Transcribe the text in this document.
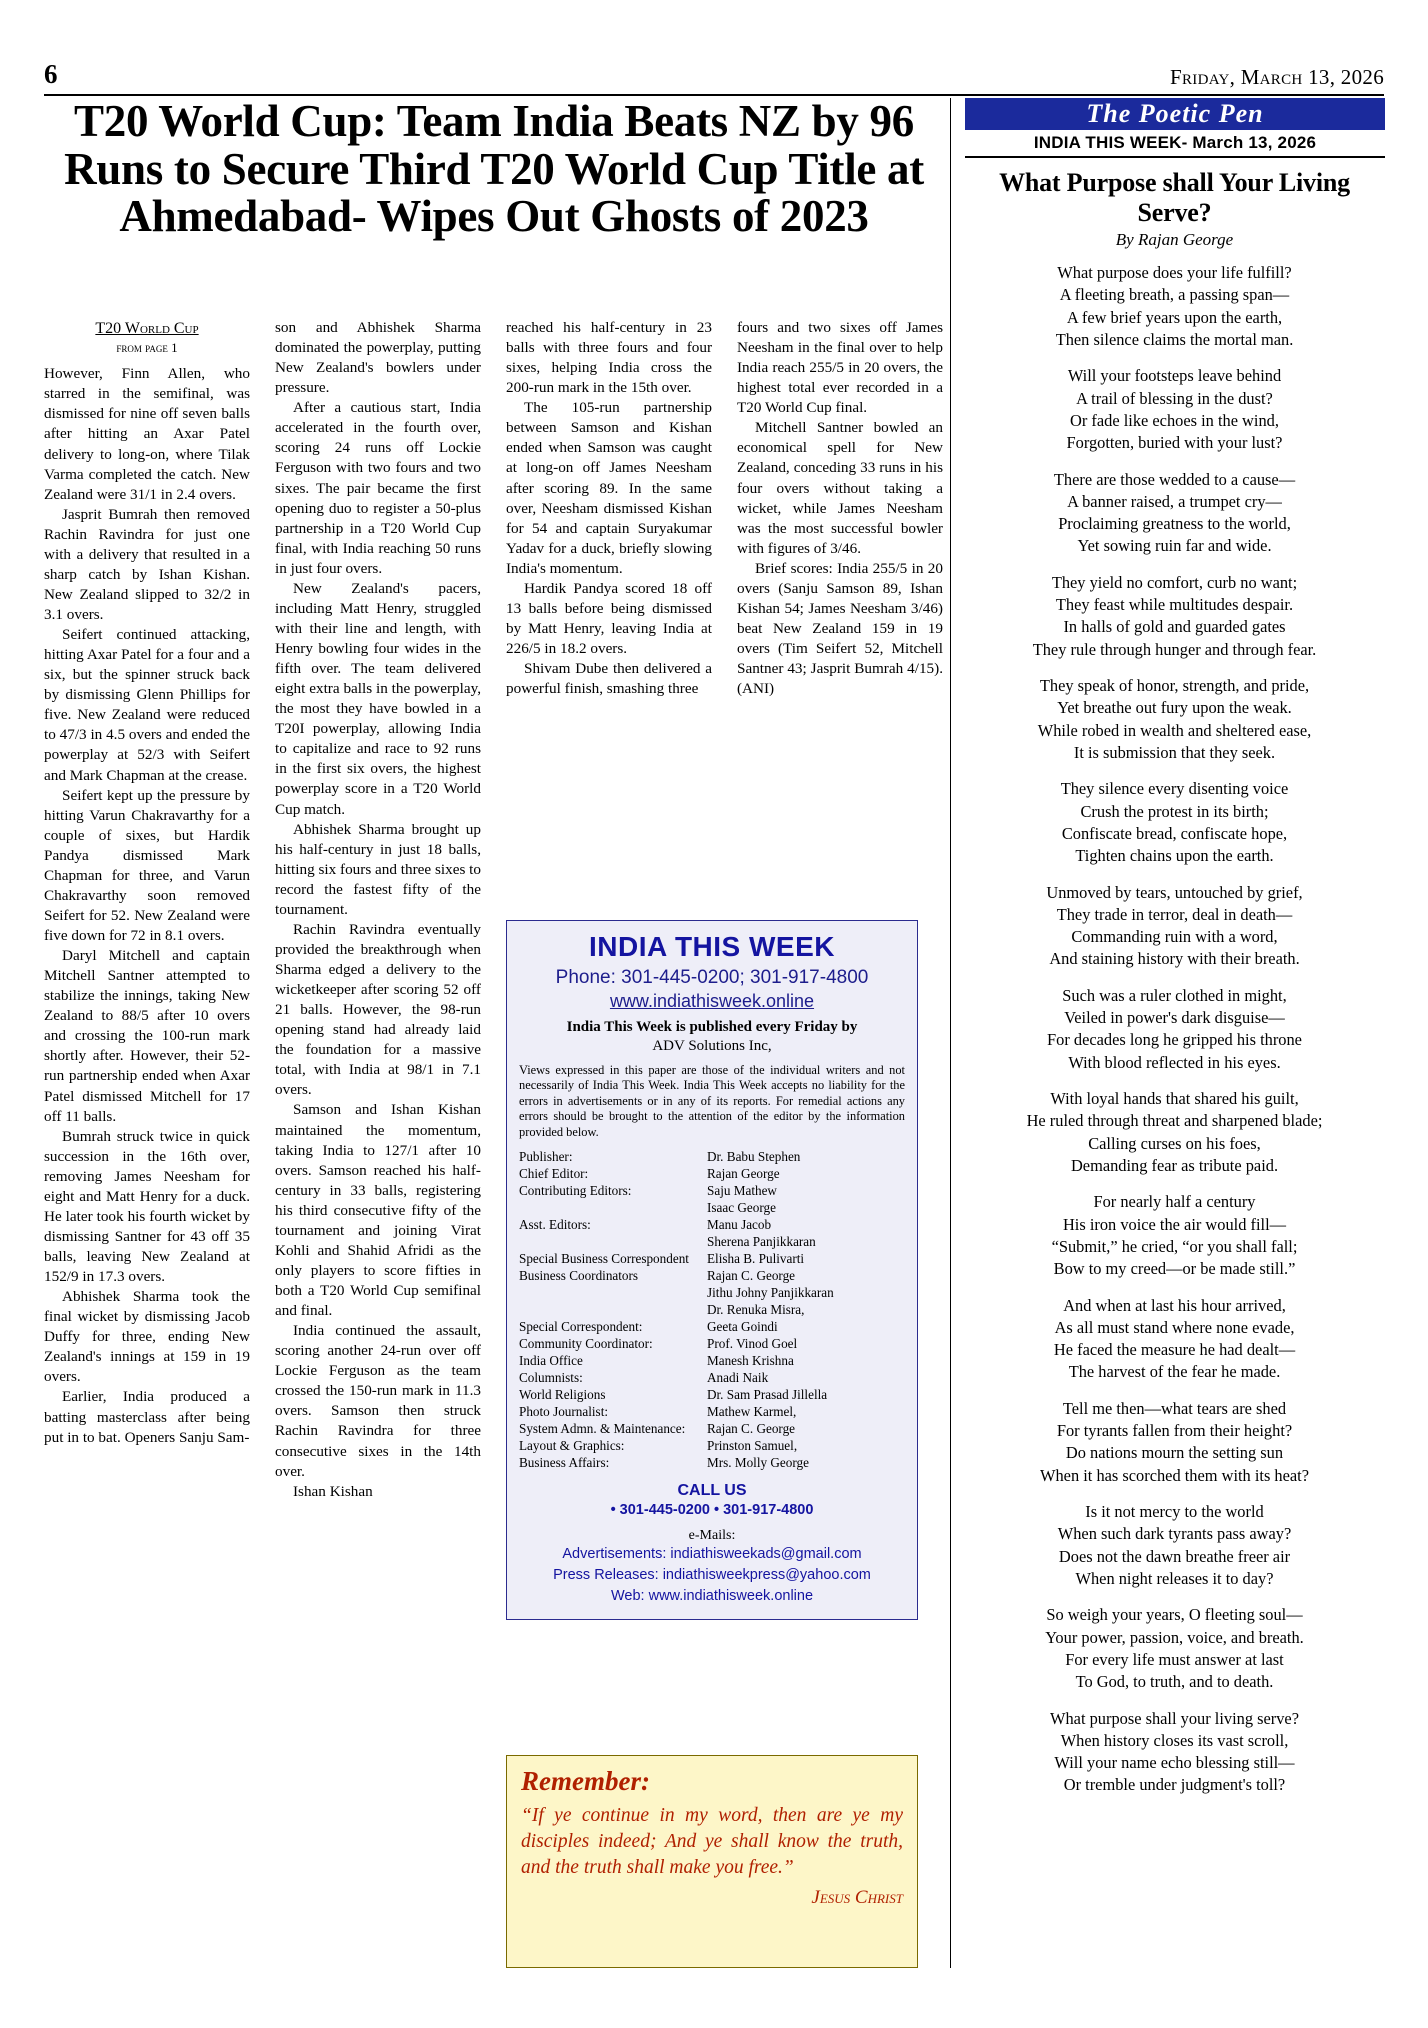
6	Friday, March 13, 2026
T20 World Cup: Team India Beats NZ by 96 Runs to Secure Third T20 World Cup Title at Ahmedabad- Wipes Out Ghosts of 2023
T20 World Cup
from page 1

However, Finn Allen, who starred in the semifinal, was dismissed for nine off seven balls after hitting an Axar Patel delivery to long-on, where Tilak Varma completed the catch. New Zealand were 31/1 in 2.4 overs.

Jasprit Bumrah then removed Rachin Ravindra for just one with a delivery that resulted in a sharp catch by Ishan Kishan. New Zealand slipped to 32/2 in 3.1 overs.

Seifert continued attacking, hitting Axar Patel for a four and a six, but the spinner struck back by dismissing Glenn Phillips for five. New Zealand were reduced to 47/3 in 4.5 overs and ended the powerplay at 52/3 with Seifert and Mark Chapman at the crease.

Seifert kept up the pressure by hitting Varun Chakravarthy for a couple of sixes, but Hardik Pandya dismissed Mark Chapman for three, and Varun Chakravarthy soon removed Seifert for 52. New Zealand were five down for 72 in 8.1 overs.

Daryl Mitchell and captain Mitchell Santner attempted to stabilize the innings, taking New Zealand to 88/5 after 10 overs and crossing the 100-run mark shortly after. However, their 52-run partnership ended when Axar Patel dismissed Mitchell for 17 off 11 balls.

Bumrah struck twice in quick succession in the 16th over, removing James Neesham for eight and Matt Henry for a duck. He later took his fourth wicket by dismissing Santner for 43 off 35 balls, leaving New Zealand at 152/9 in 17.3 overs.

Abhishek Sharma took the final wicket by dismissing Jacob Duffy for three, ending New Zealand's innings at 159 in 19 overs.

Earlier, India produced a batting masterclass after being put in to bat. Openers Sanju Sam-

son and Abhishek Sharma dominated the powerplay, putting New Zealand's bowlers under pressure.

After a cautious start, India accelerated in the fourth over, scoring 24 runs off Lockie Ferguson with two fours and two sixes. The pair became the first opening duo to register a 50-plus partnership in a T20 World Cup final, with India reaching 50 runs in just four overs.

New Zealand's pacers, including Matt Henry, struggled with their line and length, with Henry bowling four wides in the fifth over. The team delivered eight extra balls in the powerplay, the most they have bowled in a T20I powerplay, allowing India to capitalize and race to 92 runs in the first six overs, the highest powerplay score in a T20 World Cup match.

Abhishek Sharma brought up his half-century in just 18 balls, hitting six fours and three sixes to record the fastest fifty of the tournament.

Rachin Ravindra eventually provided the breakthrough when Sharma edged a delivery to the wicketkeeper after scoring 52 off 21 balls. However, the 98-run opening stand had already laid the foundation for a massive total, with India at 98/1 in 7.1 overs.

Samson and Ishan Kishan maintained the momentum, taking India to 127/1 after 10 overs. Samson reached his half-century in 33 balls, registering his third consecutive fifty of the tournament and joining Virat Kohli and Shahid Afridi as the only players to score fifties in both a T20 World Cup semifinal and final.

India continued the assault, scoring another 24-run over off Lockie Ferguson as the team crossed the 150-run mark in 11.3 overs. Samson then struck Rachin Ravindra for three consecutive sixes in the 14th over.

Ishan Kishan

reached his half-century in 23 balls with three fours and four sixes, helping India cross the 200-run mark in the 15th over.

The 105-run partnership between Samson and Kishan ended when Samson was caught at long-on off James Neesham after scoring 89. In the same over, Neesham dismissed Kishan for 54 and captain Suryakumar Yadav for a duck, briefly slowing India's momentum.

Hardik Pandya scored 18 off 13 balls before being dismissed by Matt Henry, leaving India at 226/5 in 18.2 overs.

Shivam Dube then delivered a powerful finish, smashing three

fours and two sixes off James Neesham in the final over to help India reach 255/5 in 20 overs, the highest total ever recorded in a T20 World Cup final.

Mitchell Santner bowled an economical spell for New Zealand, conceding 33 runs in his four overs without taking a wicket, while James Neesham was the most successful bowler with figures of 3/46.

Brief scores: India 255/5 in 20 overs (Sanju Samson 89, Ishan Kishan 54; James Neesham 3/46) beat New Zealand 159 in 19 overs (Tim Seifert 52, Mitchell Santner 43; Jasprit Bumrah 4/15). (ANI)

INDIA THIS WEEK
Phone: 301-445-0200; 301-917-4800
www.indiathisweek.online
India This Week is published every Friday by
ADV Solutions Inc,
Views expressed in this paper are those of the individual writers and not necessarily of India This Week. India This Week accepts no liability for the errors in advertisements or in any of its reports. For remedial actions any errors should be brought to the attention of the editor by the information provided below.
Publisher:	Dr. Babu Stephen
Chief Editor:	Rajan George
Contributing Editors:	Saju Mathew
	Isaac George
Asst. Editors:	Manu Jacob
	Sherena Panjikkaran
Special Business Correspondent	Elisha B. Pulivarti
Business Coordinators	Rajan C. George
	Jithu Johny Panjikkaran
	Dr. Renuka Misra,
Special Correspondent:	Geeta Goindi
Community Coordinator:	Prof. Vinod Goel
India Office	Manesh Krishna
Columnists:	Anadi Naik
World Religions	Dr. Sam Prasad Jillella
Photo Journalist:	Mathew Karmel,
System Admn. & Maintenance:	Rajan C. George
Layout & Graphics:	Prinston Samuel,
Business Affairs:	Mrs. Molly George
CALL US
• 301-445-0200 • 301-917-4800
e-Mails:
Advertisements: indiathisweekads@gmail.com
Press Releases: indiathisweekpress@yahoo.com
Web: www.indiathisweek.online
Remember:
“If ye continue in my word, then are ye my disciples indeed; And ye shall know the truth, and the truth shall make you free.”
Jesus Christ
The Poetic Pen
INDIA THIS WEEK- March 13, 2026
What Purpose shall Your Living Serve?
By Rajan George
What purpose does your life fulfill?
A fleeting breath, a passing span—
A few brief years upon the earth,
Then silence claims the mortal man.
Will your footsteps leave behind
A trail of blessing in the dust?
Or fade like echoes in the wind,
Forgotten, buried with your lust?
There are those wedded to a cause—
A banner raised, a trumpet cry—
Proclaiming greatness to the world,
Yet sowing ruin far and wide.
They yield no comfort, curb no want;
They feast while multitudes despair.
In halls of gold and guarded gates
They rule through hunger and through fear.
They speak of honor, strength, and pride,
Yet breathe out fury upon the weak.
While robed in wealth and sheltered ease,
It is submission that they seek.
They silence every disenting voice
Crush the protest in its birth;
Confiscate bread, confiscate hope,
Tighten chains upon the earth.
Unmoved by tears, untouched by grief,
They trade in terror, deal in death—
Commanding ruin with a word,
And staining history with their breath.
Such was a ruler clothed in might,
Veiled in power's dark disguise—
For decades long he gripped his throne
With blood reflected in his eyes.
With loyal hands that shared his guilt,
He ruled through threat and sharpened blade;
Calling curses on his foes,
Demanding fear as tribute paid.
For nearly half a century
His iron voice the air would fill—
“Submit,” he cried, “or you shall fall;
Bow to my creed—or be made still.”
And when at last his hour arrived,
As all must stand where none evade,
He faced the measure he had dealt—
The harvest of the fear he made.
Tell me then—what tears are shed
For tyrants fallen from their height?
Do nations mourn the setting sun
When it has scorched them with its heat?
Is it not mercy to the world
When such dark tyrants pass away?
Does not the dawn breathe freer air
When night releases it to day?
So weigh your years, O fleeting soul—
Your power, passion, voice, and breath.
For every life must answer at last
To God, to truth, and to death.
What purpose shall your living serve?
When history closes its vast scroll,
Will your name echo blessing still—
Or tremble under judgment's toll?
